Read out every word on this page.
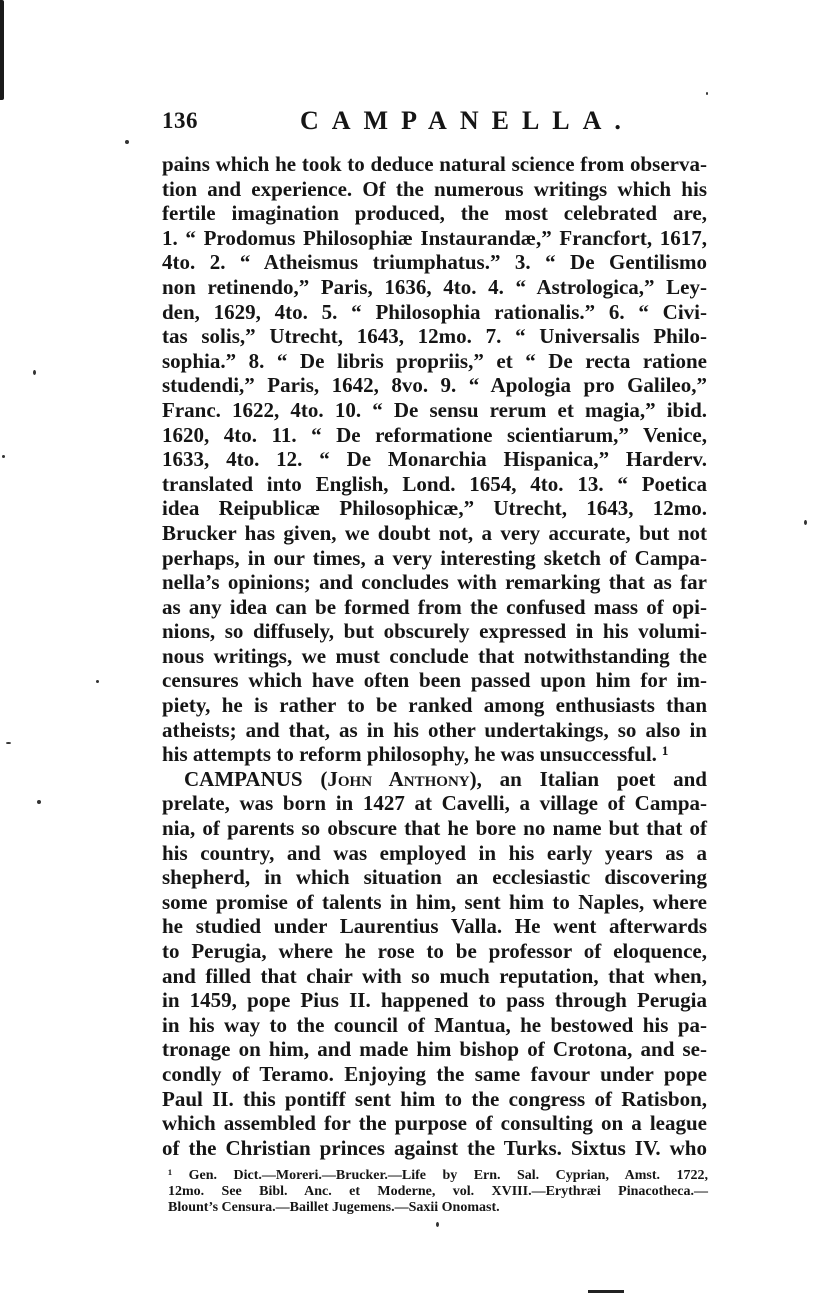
136	CAMPANELLA.
pains which he took to deduce natural science from observa-
tion and experience. Of the numerous writings which his
fertile imagination produced, the most celebrated are,
1. “ Prodomus Philosophiæ Instaurandæ,” Francfort, 1617,
4to. 2. “ Atheismus triumphatus.” 3. “ De Gentilismo
non retinendo,” Paris, 1636, 4to. 4. “ Astrologica,” Ley-
den, 1629, 4to. 5. “ Philosophia rationalis.” 6. “ Civi-
tas solis,” Utrecht, 1643, 12mo. 7. “ Universalis Philo-
sophia.” 8. “ De libris propriis,” et “ De recta ratione
studendi,” Paris, 1642, 8vo. 9. “ Apologia pro Galileo,”
Franc. 1622, 4to. 10. “ De sensu rerum et magia,” ibid.
1620, 4to. 11. “ De reformatione scientiarum,” Venice,
1633, 4to. 12. “ De Monarchia Hispanica,” Harderv.
translated into English, Lond. 1654, 4to. 13. “ Poetica
idea Reipublicæ Philosophicæ,” Utrecht, 1643, 12mo.
Brucker has given, we doubt not, a very accurate, but not
perhaps, in our times, a very interesting sketch of Campa-
nella’s opinions; and concludes with remarking that as far
as any idea can be formed from the confused mass of opi-
nions, so diffusely, but obscurely expressed in his volumi-
nous writings, we must conclude that notwithstanding the
censures which have often been passed upon him for im-
piety, he is rather to be ranked among enthusiasts than
atheists; and that, as in his other undertakings, so also in
his attempts to reform philosophy, he was unsuccessful. ¹
CAMPANUS (John Anthony), an Italian poet and
prelate, was born in 1427 at Cavelli, a village of Campa-
nia, of parents so obscure that he bore no name but that of
his country, and was employed in his early years as a
shepherd, in which situation an ecclesiastic discovering
some promise of talents in him, sent him to Naples, where
he studied under Laurentius Valla. He went afterwards
to Perugia, where he rose to be professor of eloquence,
and filled that chair with so much reputation, that when,
in 1459, pope Pius II. happened to pass through Perugia
in his way to the council of Mantua, he bestowed his pa-
tronage on him, and made him bishop of Crotona, and se-
condly of Teramo. Enjoying the same favour under pope
Paul II. this pontiff sent him to the congress of Ratisbon,
which assembled for the purpose of consulting on a league
of the Christian princes against the Turks. Sixtus IV. who
¹ Gen. Dict.—Moreri.—Brucker.—Life by Ern. Sal. Cyprian, Amst. 1722,
12mo. See Bibl. Anc. et Moderne, vol. XVIII.—Erythræi Pinacotheca.—
Blount’s Censura.—Baillet Jugemens.—Saxii Onomast.
